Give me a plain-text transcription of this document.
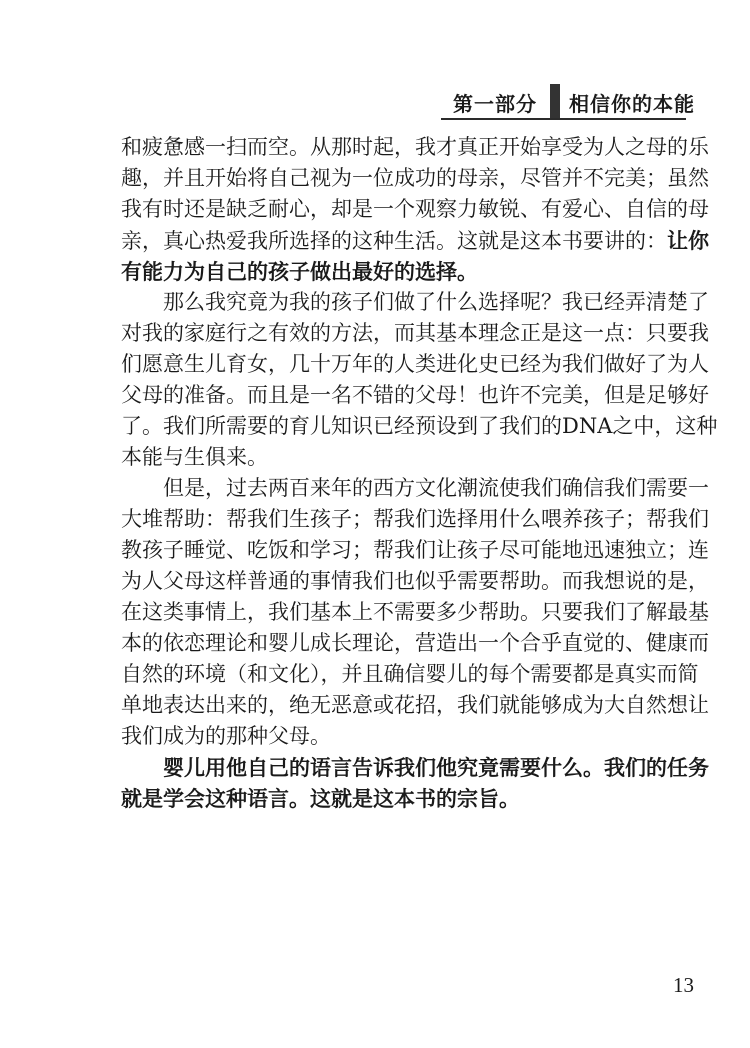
第一部分 相信你的本能
和疲惫感一扫而空。从那时起，我才真正开始享受为人之母的乐
趣，并且开始将自己视为一位成功的母亲，尽管并不完美；虽然
我有时还是缺乏耐心，却是一个观察力敏锐、有爱心、自信的母
亲，真心热爱我所选择的这种生活。这就是这本书要讲的：让你
有能力为自己的孩子做出最好的选择。
那么我究竟为我的孩子们做了什么选择呢？我已经弄清楚了
对我的家庭行之有效的方法，而其基本理念正是这一点：只要我
们愿意生儿育女，几十万年的人类进化史已经为我们做好了为人
父母的准备。而且是一名不错的父母！也许不完美，但是足够好
了。我们所需要的育儿知识已经预设到了我们的DNA之中，这种
本能与生俱来。
但是，过去两百来年的西方文化潮流使我们确信我们需要一
大堆帮助：帮我们生孩子；帮我们选择用什么喂养孩子；帮我们
教孩子睡觉、吃饭和学习；帮我们让孩子尽可能地迅速独立；连
为人父母这样普通的事情我们也似乎需要帮助。而我想说的是，
在这类事情上，我们基本上不需要多少帮助。只要我们了解最基
本的依恋理论和婴儿成长理论，营造出一个合乎直觉的、健康而
自然的环境（和文化），并且确信婴儿的每个需要都是真实而简
单地表达出来的，绝无恶意或花招，我们就能够成为大自然想让
我们成为的那种父母。
婴儿用他自己的语言告诉我们他究竟需要什么。我们的任务
就是学会这种语言。这就是这本书的宗旨。
13
